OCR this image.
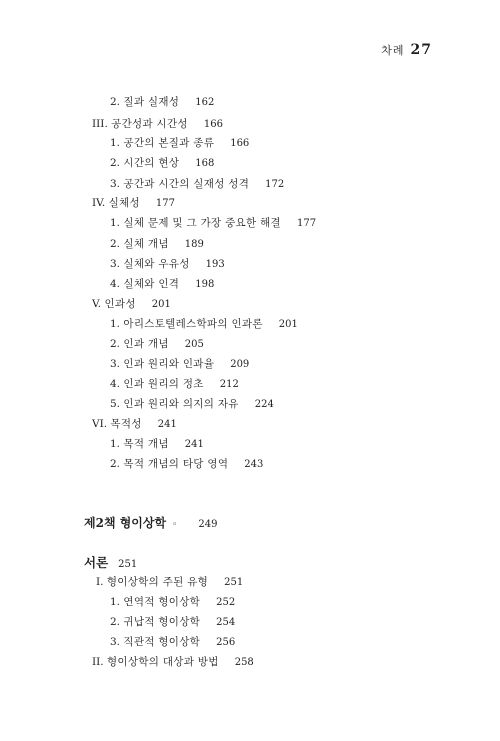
차례 27
2. 질과 실재성 162
III. 공간성과 시간성 166
1. 공간의 본질과 종류 166
2. 시간의 현상 168
3. 공간과 시간의 실재성 성격 172
IV. 실체성 177
1. 실체 문제 및 그 가장 중요한 해결 177
2. 실체 개념 189
3. 실체와 우유성 193
4. 실체와 인격 198
V. 인과성 201
1. 아리스토텔레스학파의 인과론 201
2. 인과 개념 205
3. 인과 원리와 인과율 209
4. 인과 원리의 정초 212
5. 인과 원리와 의지의 자유 224
VI. 목적성 241
1. 목적 개념 241
2. 목적 개념의 타당 영역 243
제2책 형이상학 ◦ 249
서론 251
I. 형이상학의 주된 유형 251
1. 연역적 형이상학 252
2. 귀납적 형이상학 254
3. 직관적 형이상학 256
II. 형이상학의 대상과 방법 258
